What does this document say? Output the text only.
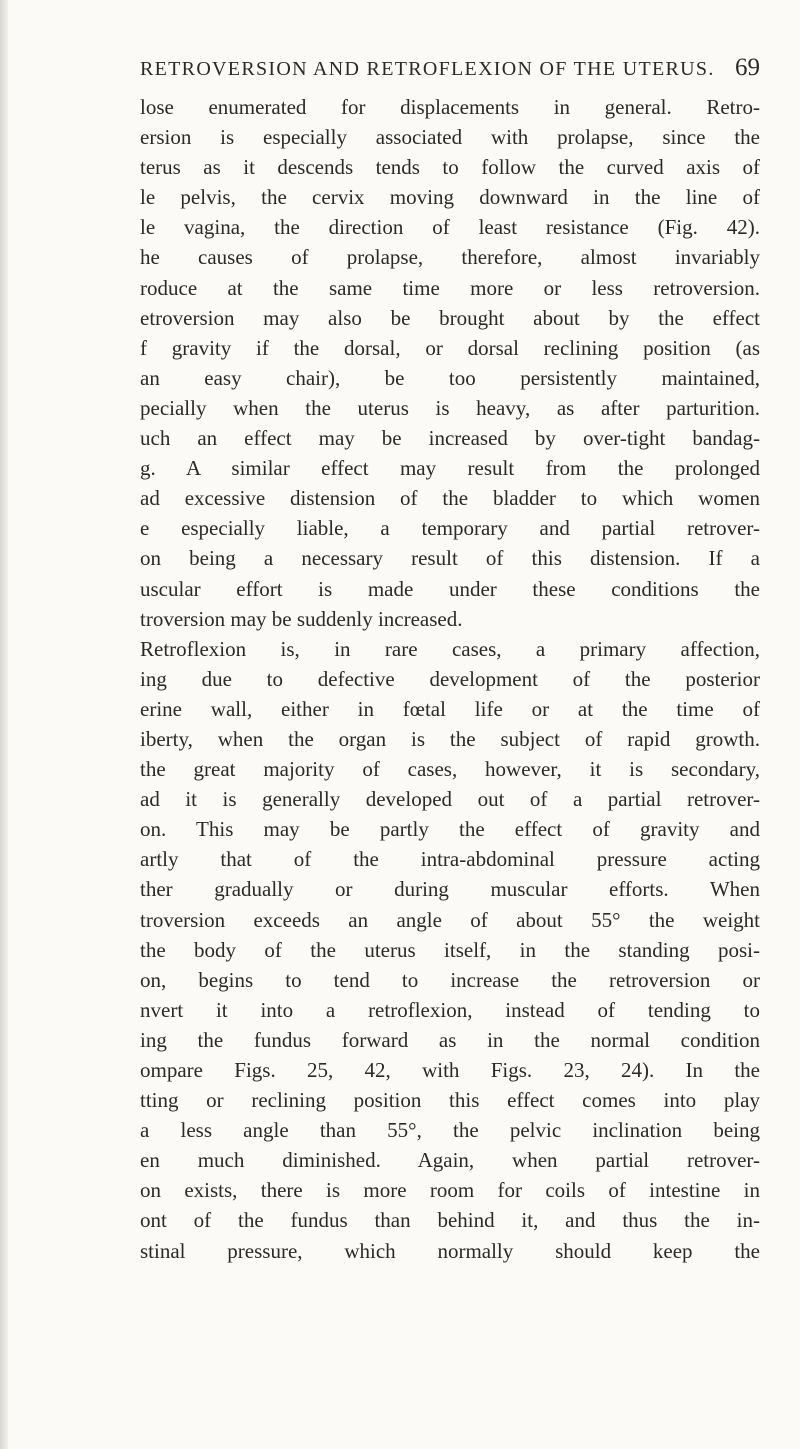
RETROVERSION AND RETROFLEXION OF THE UTERUS. 69
lose enumerated for displacements in general. Retro-
ersion is especially associated with prolapse, since the
terus as it descends tends to follow the curved axis of
le pelvis, the cervix moving downward in the line of
le vagina, the direction of least resistance (Fig. 42).
he causes of prolapse, therefore, almost invariably
roduce at the same time more or less retroversion.
etroversion may also be brought about by the effect
f gravity if the dorsal, or dorsal reclining position (as
an easy chair), be too persistently maintained,
pecially when the uterus is heavy, as after parturition.
uch an effect may be increased by over-tight bandag-
g. A similar effect may result from the prolonged
ad excessive distension of the bladder to which women
e especially liable, a temporary and partial retrover-
on being a necessary result of this distension. If a
uscular effort is made under these conditions the
troversion may be suddenly increased.
Retroflexion is, in rare cases, a primary affection,
ing due to defective development of the posterior
erine wall, either in fœtal life or at the time of
iberty, when the organ is the subject of rapid growth.
the great majority of cases, however, it is secondary,
ad it is generally developed out of a partial retrover-
on. This may be partly the effect of gravity and
artly that of the intra-abdominal pressure acting
ther gradually or during muscular efforts. When
troversion exceeds an angle of about 55° the weight
the body of the uterus itself, in the standing posi-
on, begins to tend to increase the retroversion or
nvert it into a retroflexion, instead of tending to
ing the fundus forward as in the normal condition
ompare Figs. 25, 42, with Figs. 23, 24). In the
tting or reclining position this effect comes into play
a less angle than 55°, the pelvic inclination being
en much diminished. Again, when partial retrover-
on exists, there is more room for coils of intestine in
ont of the fundus than behind it, and thus the in-
stinal pressure, which normally should keep the
